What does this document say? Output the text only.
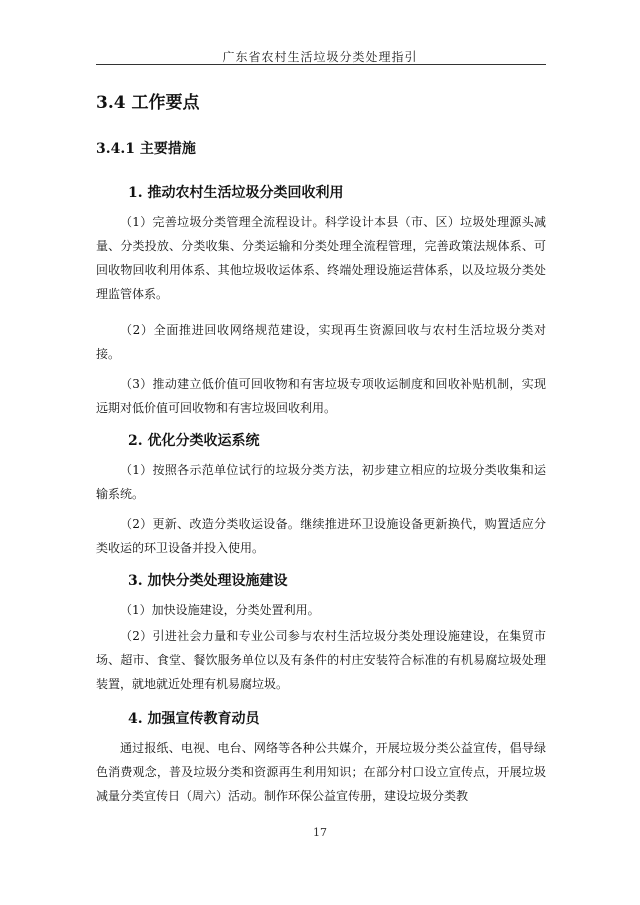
广东省农村生活垃圾分类处理指引
3.4 工作要点
3.4.1 主要措施
1. 推动农村生活垃圾分类回收利用

（1）完善垃圾分类管理全流程设计。科学设计本县（市、区）垃圾处理源头减量、分类投放、分类收集、分类运输和分类处理全流程管理，完善政策法规体系、可回收物回收利用体系、其他垃圾收运体系、终端处理设施运营体系，以及垃圾分类处理监管体系。

（2）全面推进回收网络规范建设，实现再生资源回收与农村生活垃圾分类对接。

（3）推动建立低价值可回收物和有害垃圾专项收运制度和回收补贴机制，实现远期对低价值可回收物和有害垃圾回收利用。

2. 优化分类收运系统

（1）按照各示范单位试行的垃圾分类方法，初步建立相应的垃圾分类收集和运输系统。

（2）更新、改造分类收运设备。继续推进环卫设施设备更新换代，购置适应分类收运的环卫设备并投入使用。

3. 加快分类处理设施建设

（1）加快设施建设，分类处置利用。

（2）引进社会力量和专业公司参与农村生活垃圾分类处理设施建设，在集贸市场、超市、食堂、餐饮服务单位以及有条件的村庄安装符合标准的有机易腐垃圾处理装置，就地就近处理有机易腐垃圾。

4. 加强宣传教育动员

通过报纸、电视、电台、网络等各种公共媒介，开展垃圾分类公益宣传，倡导绿色消费观念，普及垃圾分类和资源再生利用知识；在部分村口设立宣传点，开展垃圾减量分类宣传日（周六）活动。制作环保公益宣传册，建设垃圾分类教

17
